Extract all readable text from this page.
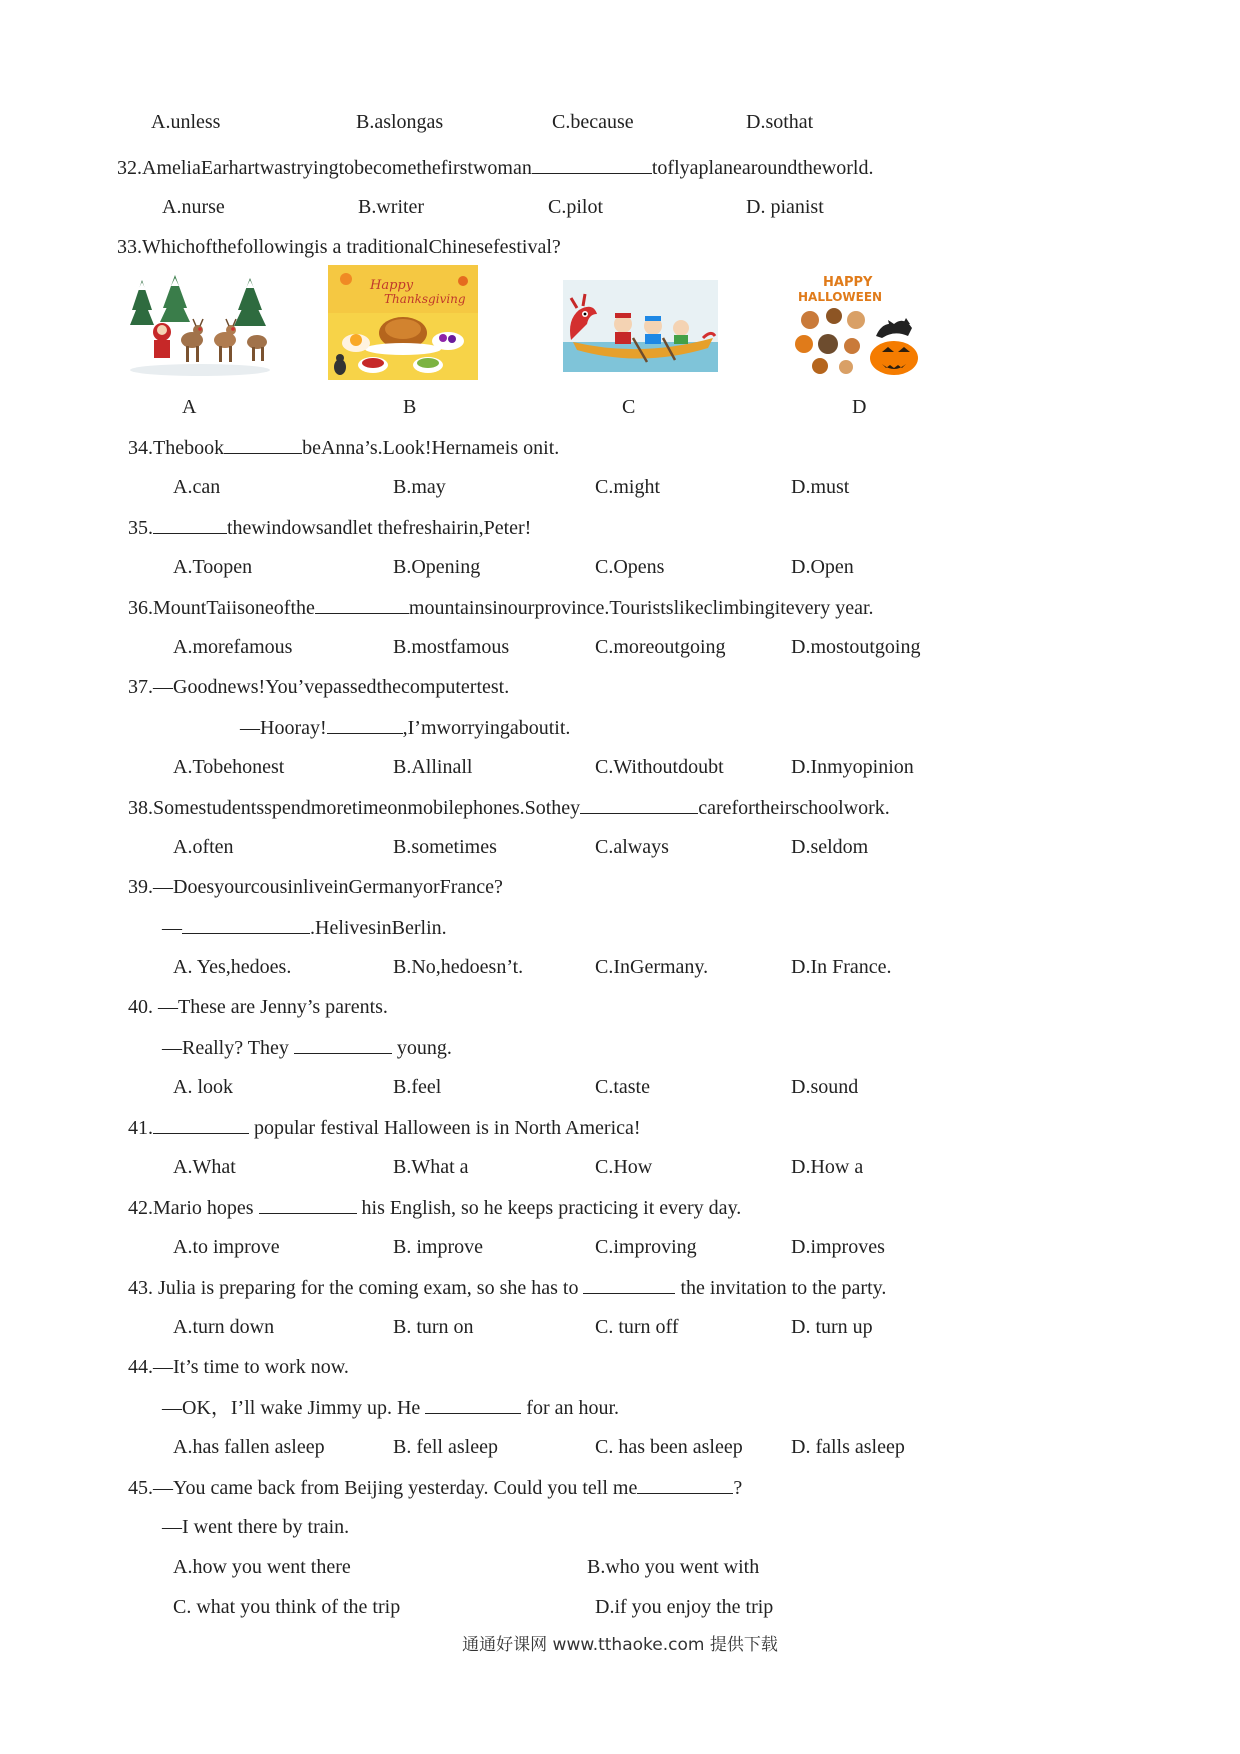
A.unless	B.aslongas	C.because	D.sothat
32.AmeliaEarhartwastryingtobecomethefirstwoman	toflyaplanearoundtheworld.
A.nurse	B.writer	C.pilot	D. pianist
33.Whichofthefollowingis a traditionalChinesefestival?
A
Happy
Thanksgiving
B	C
HAPPY
HALLOWEEN
D
34.Thebook	beAnna’s.Look!Hernameis onit.
A.can	B.may	C.might	D.must
35.	thewindowsandlet thefreshairin,Peter!
A.Toopen	B.Opening	C.Opens	D.Open
36.MountTaiisoneofthe	mountainsinourprovince.Touristslikeclimbingitevery year.
A.morefamous	B.mostfamous	C.moreoutgoing	D.mostoutgoing
37.—Goodnews!You’vepassedthecomputertest.
—Hooray!	,I’mworryingaboutit.
A.Tobehonest	B.Allinall	C.Withoutdoubt	D.Inmyopinion
38.Somestudentsspendmoretimeonmobilephones.Sothey	carefortheirschoolwork.
A.often	B.sometimes	C.always	D.seldom
39.—DoesyourcousinliveinGermanyorFrance?
—	.HelivesinBerlin.
A. Yes,hedoes.	B.No,hedoesn’t.	C.InGermany.	D.In France.
40. —These are Jenny’s parents.
—Really? They	young.
A. look	B.feel	C.taste	D.sound
41.	popular festival Halloween is in North America!
A.What	B.What a	C.How	D.How a
42.Mario hopes	his English, so he keeps practicing it every day.
A.to improve	B. improve	C.improving	D.improves
43. Julia is preparing for the coming exam, so she has to	the invitation to the party.
A.turn down	B. turn on	C. turn off	D. turn up
44.—It’s time to work now.
—OK，I’ll wake Jimmy up. He	for an hour.
A.has fallen asleep	B. fell asleep	C. has been asleep D. falls asleep
45.—You came back from Beijing yesterday. Could you tell me	?
—I went there by train.
A.how you went there	B.who you went with
C. what you think of the trip	D.if you enjoy the trip
通通好课网 www.tthaoke.com 提供下载
